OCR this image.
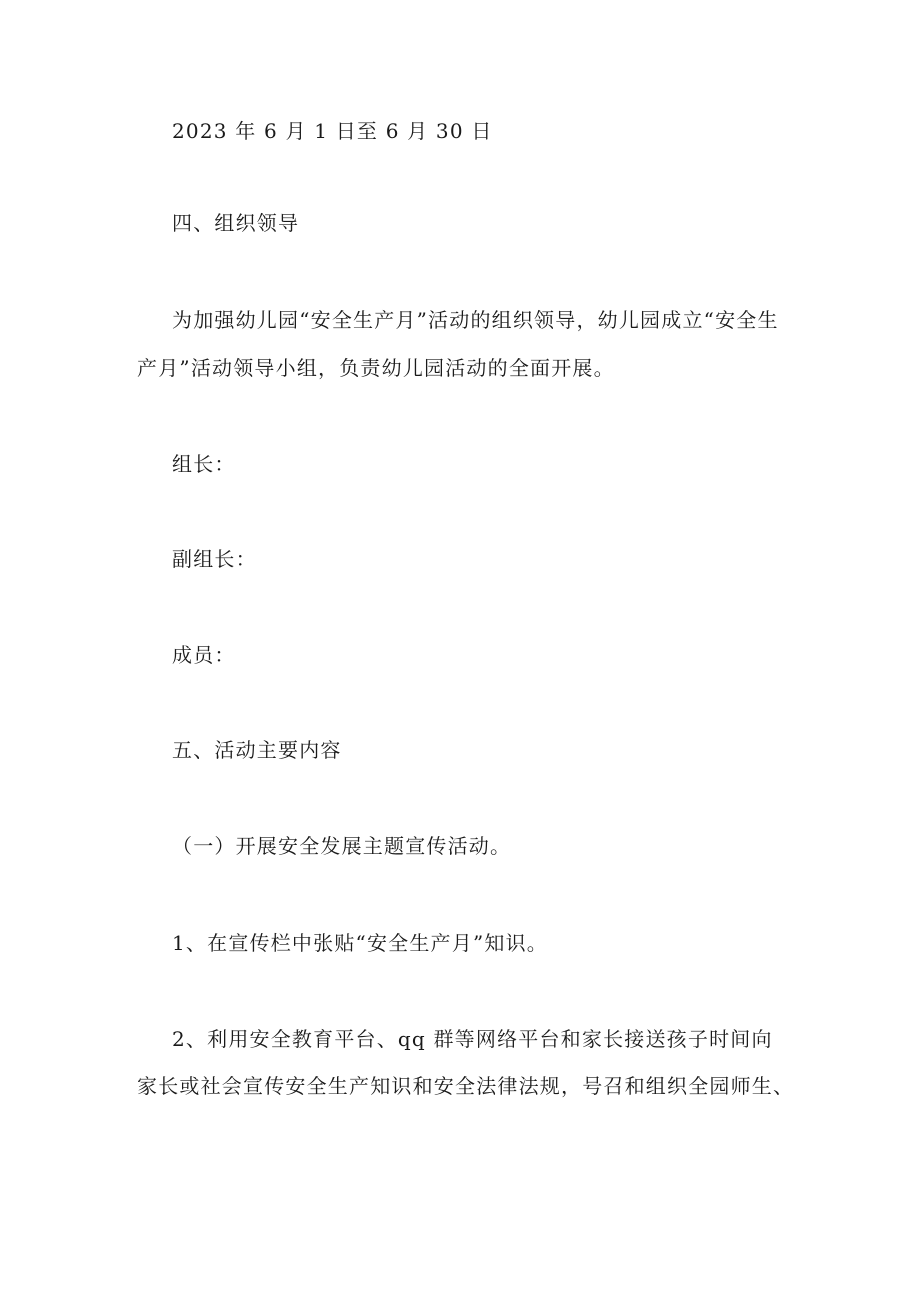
2023 年 6 月 1 日至 6 月 30 日
四、组织领导
为加强幼儿园“安全生产月”活动的组织领导，幼儿园成立“安全生
产月”活动领导小组，负责幼儿园活动的全面开展。
组长：
副组长：
成员：
五、活动主要内容
（一）开展安全发展主题宣传活动。
1、在宣传栏中张贴“安全生产月”知识。
2、利用安全教育平台、qq 群等网络平台和家长接送孩子时间向
家长或社会宣传安全生产知识和安全法律法规，号召和组织全园师生、
